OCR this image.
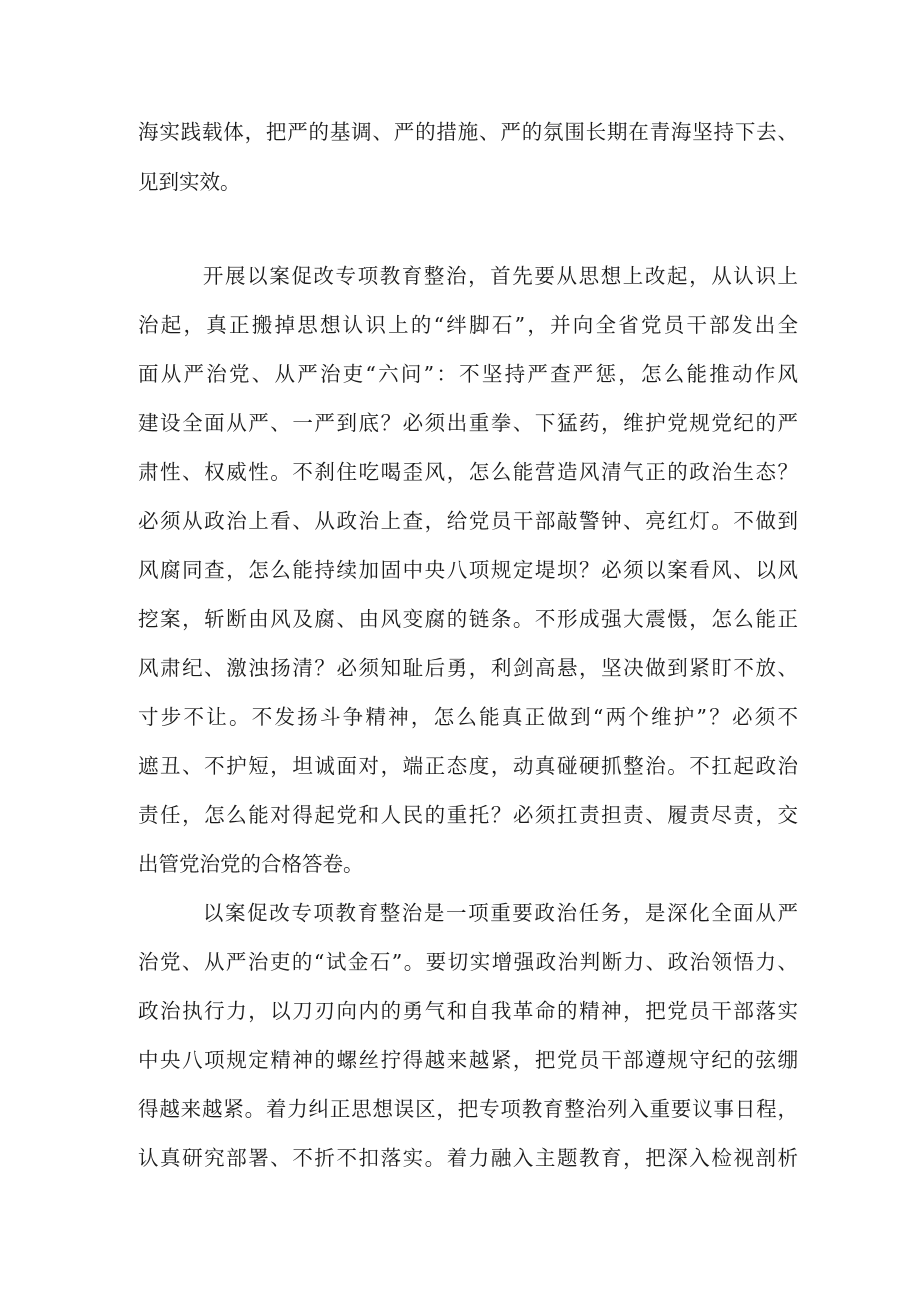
海实践载体，把严的基调、严的措施、严的氛围长期在青海坚持下去、
见到实效。
开展以案促改专项教育整治，首先要从思想上改起，从认识上
治起，真正搬掉思想认识上的“绊脚石”，并向全省党员干部发出全
面从严治党、从严治吏“六问”：不坚持严查严惩，怎么能推动作风
建设全面从严、一严到底？必须出重拳、下猛药，维护党规党纪的严
肃性、权威性。不刹住吃喝歪风，怎么能营造风清气正的政治生态？
必须从政治上看、从政治上查，给党员干部敲警钟、亮红灯。不做到
风腐同查，怎么能持续加固中央八项规定堤坝？必须以案看风、以风
挖案，斩断由风及腐、由风变腐的链条。不形成强大震慑，怎么能正
风肃纪、激浊扬清？必须知耻后勇，利剑高悬，坚决做到紧盯不放、
寸步不让。不发扬斗争精神，怎么能真正做到“两个维护”？必须不
遮丑、不护短，坦诚面对，端正态度，动真碰硬抓整治。不扛起政治
责任，怎么能对得起党和人民的重托？必须扛责担责、履责尽责，交
出管党治党的合格答卷。
以案促改专项教育整治是一项重要政治任务，是深化全面从严
治党、从严治吏的“试金石”。要切实增强政治判断力、政治领悟力、
政治执行力，以刀刃向内的勇气和自我革命的精神，把党员干部落实
中央八项规定精神的螺丝拧得越来越紧，把党员干部遵规守纪的弦绷
得越来越紧。着力纠正思想误区，把专项教育整治列入重要议事日程，
认真研究部署、不折不扣落实。着力融入主题教育，把深入检视剖析
